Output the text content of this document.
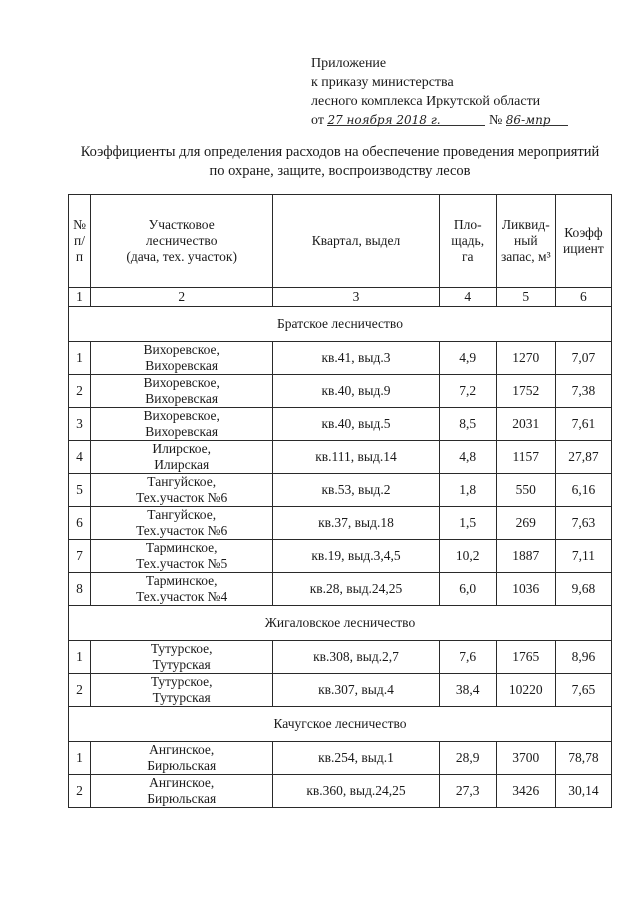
Приложение
к приказу министерства
лесного комплекса Иркутской области
от 27 ноября 2018 г.	№ 86-мпр
Коэффициенты для определения расходов на обеспечение проведения мероприятий
по охране, защите, воспроизводству лесов
№
п/
п	Участковое
лесничество
(дача, тех. участок)	Квартал, выдел	Пло-
щадь,
га	Ликвид-
ный
запас, м³	Коэфф
ициент
1	2	3	4	5	6
Братское лесничество					
1	Вихоревское,
Вихоревская	кв.41, выд.3	4,9	1270	7,07
2	Вихоревское,
Вихоревская	кв.40, выд.9	7,2	1752	7,38
3	Вихоревское,
Вихоревская	кв.40, выд.5	8,5	2031	7,61
4	Илирское,
Илирская	кв.111, выд.14	4,8	1157	27,87
5	Тангуйское,
Тех.участок №6	кв.53, выд.2	1,8	550	6,16
6	Тангуйское,
Тех.участок №6	кв.37, выд.18	1,5	269	7,63
7	Тарминское,
Тех.участок №5	кв.19, выд.3,4,5	10,2	1887	7,11
8	Тарминское,
Тех.участок №4	кв.28, выд.24,25	6,0	1036	9,68
Жигаловское лесничество					
1	Тутурское,
Тутурская	кв.308, выд.2,7	7,6	1765	8,96
2	Тутурское,
Тутурская	кв.307, выд.4	38,4	10220	7,65
Качугское лесничество					
1	Ангинское,
Бирюльская	кв.254, выд.1	28,9	3700	78,78
2	Ангинское,
Бирюльская	кв.360, выд.24,25	27,3	3426	30,14
